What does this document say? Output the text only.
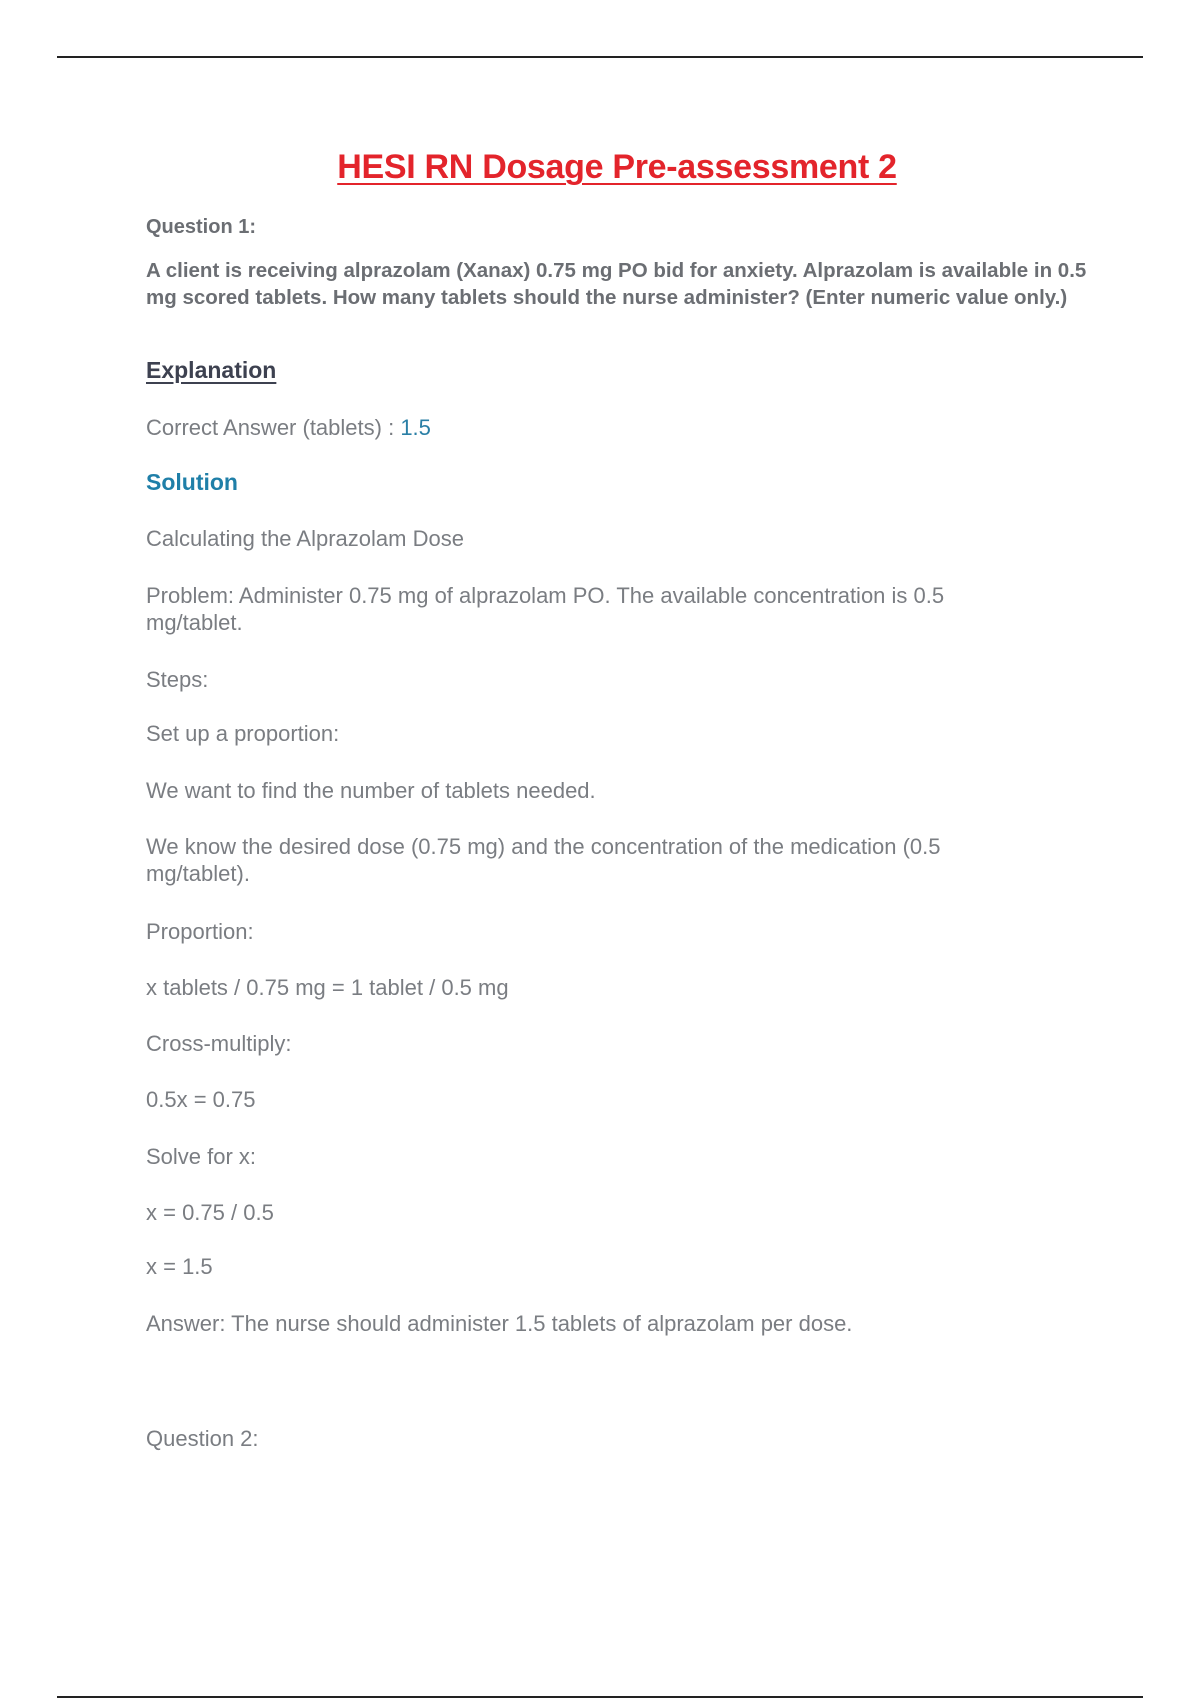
HESI RN Dosage Pre-assessment 2

Question 1:

A client is receiving alprazolam (Xanax) 0.75 mg PO bid for anxiety. Alprazolam is available in 0.5 mg scored tablets. How many tablets should the nurse administer? (Enter numeric value only.)

Explanation

Correct Answer (tablets) : 1.5

Solution

Calculating the Alprazolam Dose

Problem: Administer 0.75 mg of alprazolam PO. The available concentration is 0.5 mg/tablet.

Steps:

Set up a proportion:

We want to find the number of tablets needed.

We know the desired dose (0.75 mg) and the concentration of the medication (0.5 mg/tablet).

Proportion:

x tablets / 0.75 mg = 1 tablet / 0.5 mg

Cross-multiply:

0.5x = 0.75

Solve for x:

x = 0.75 / 0.5

x = 1.5

Answer: The nurse should administer 1.5 tablets of alprazolam per dose.

Question 2:
